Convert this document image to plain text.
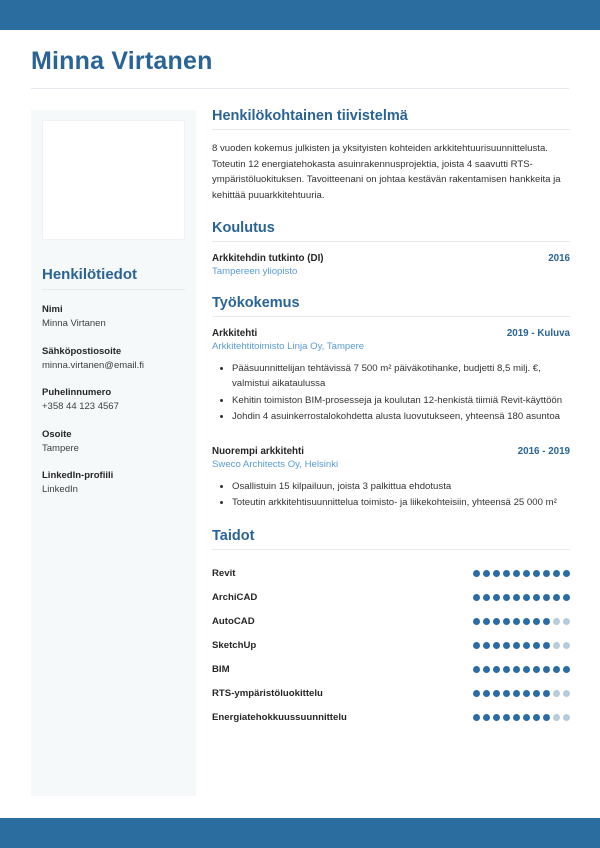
Minna Virtanen
Henkilötiedot
Nimi
Minna Virtanen
Sähköpostiosoite
minna.virtanen@email.fi
Puhelinnumero
+358 44 123 4567
Osoite
Tampere
LinkedIn-profiili
LinkedIn
Henkilökohtainen tiivistelmä

8 vuoden kokemus julkisten ja yksityisten kohteiden arkkitehtuurisuunnittelusta. Toteutin 12 energiatehokasta asuinrakennusprojektia, joista 4 saavutti RTS-ympäristöluokituksen. Tavoitteenani on johtaa kestävän rakentamisen hankkeita ja kehittää puuarkkitehtuuria.

Koulutus
Arkkitehdin tutkinto (DI)	2016
Tampereen yliopisto
Työkokemus
Arkkitehti	2019 - Kuluva
Arkkitehtitoimisto Linja Oy, Tampere
• Pääsuunnittelijan tehtävissä 7 500 m² päiväkotihanke, budjetti 8,5 milj. €, valmistui aikataulussa
• Kehitin toimiston BIM-prosesseja ja koulutan 12-henkistä tiimiä Revit-käyttöön
• Johdin 4 asuinkerrostalokohdetta alusta luovutukseen, yhteensä 180 asuntoa
Nuorempi arkkitehti	2016 - 2019
Sweco Architects Oy, Helsinki
• Osallistuin 15 kilpailuun, joista 3 palkittua ehdotusta
• Toteutin arkkitehtisuunnittelua toimisto- ja liikekohteisiin, yhteensä 25 000 m²
Taidot
Revit
ArchiCAD
AutoCAD
SketchUp
BIM
RTS-ympäristöluokittelu
Energiatehokkuussuunnittelu
